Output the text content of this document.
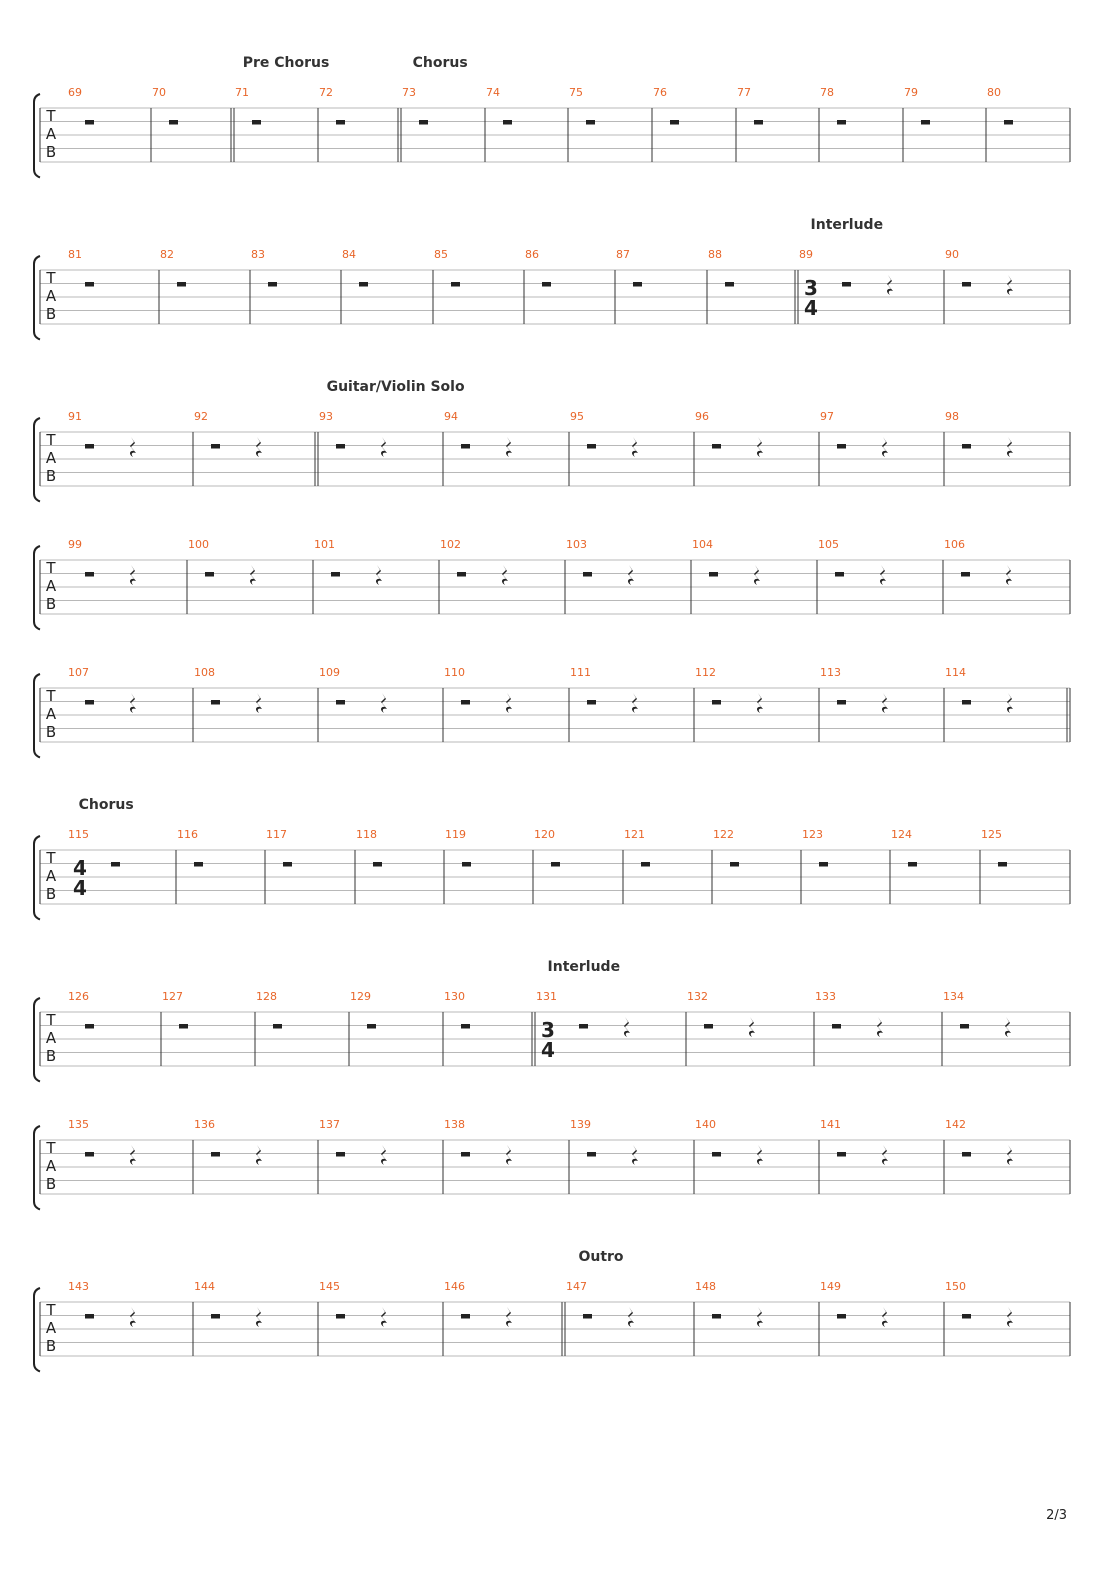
T
A
B
69	70	71
Pre Chorus
72	73
Chorus
74	75	76	77	78	79	80
T
A
B
81	82	83	84	85	86	87	88	89
Interlude
3
4
90
T
A
B
91	92	93
Guitar/Violin Solo
94	95	96	97	98
T
A
B
99	100	101	102	103	104	105	106
T
A
B
107	108	109	110	111	112	113	114
T
A
B
115
Chorus
4
4
116	117	118	119	120	121	122	123	124	125
T
A
B
126	127	128	129	130	131
Interlude
3
4
132	133	134
T
A
B
135	136	137	138	139	140	141	142
T
A
B
143	144	145	146	147
Outro
148	149	150
2/3
